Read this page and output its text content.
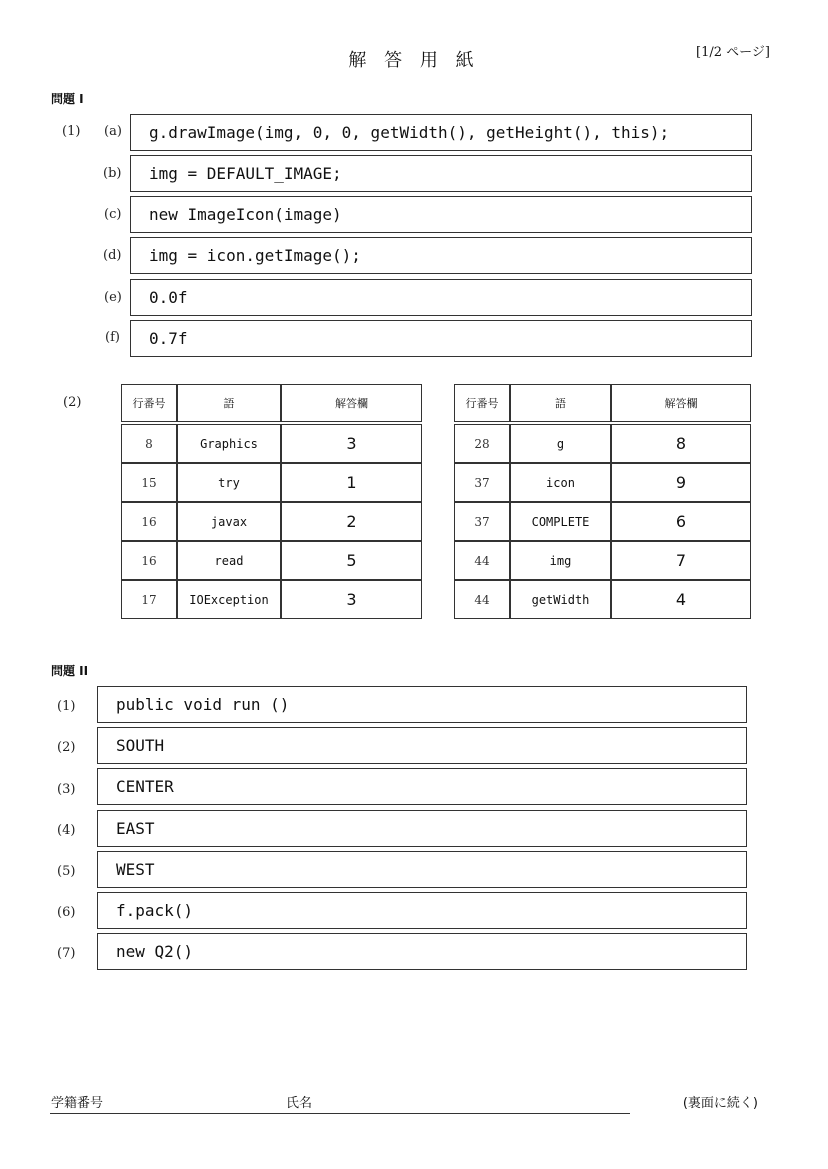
解 答 用 紙	[1/2 ページ]
問題 I
(1) (a)	g.drawImage(img, 0, 0, getWidth(), getHeight(), this);
(b)	img = DEFAULT_IMAGE;
(c)	new ImageIcon(image)
(d)	img = icon.getImage();
(e)	0.0f
(f)	0.7f
(2)	行番号	語	解答欄

8	Graphics	3
15	try	1
16	javax	2
16	read	5
17	IOException	3
行番号	語	解答欄

28	g	8
37	icon	9
37	COMPLETE	6
44	img	7
44	getWidth	4
問題 II
(1)	public void run ()
(2)	SOUTH
(3)	CENTER
(4)	EAST
(5)	WEST
(6)	f.pack()
(7)	new Q2()
学籍番号	氏名	(裏面に続く)
